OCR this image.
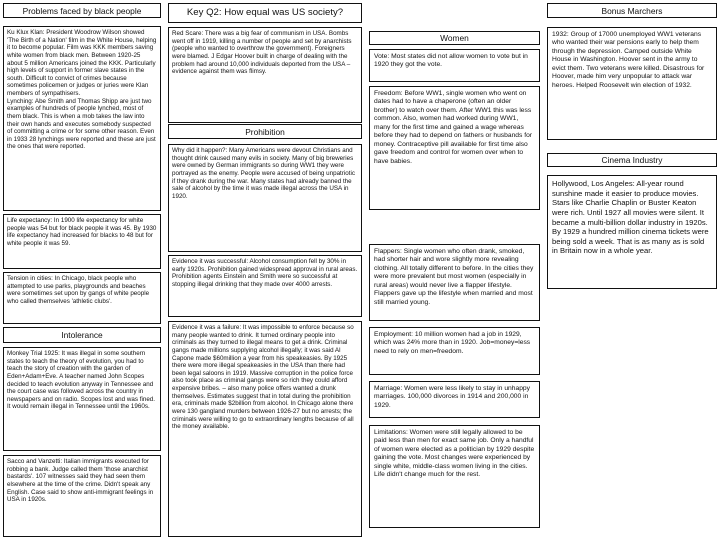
Problems faced by black people
Ku Klux Klan: President Woodrow Wilson showed 'The Birth of a Nation' film in the White House, helping it to become popular. Film was KKK members saving white women from black men. Between 1920-25 about 5 million Americans joined the KKK. Particularly high levels of support in former slave states in the south. Difficult to convict of crimes because sometimes policemen or judges or juries were Klan members of sympathisers.
Lynching: Abe Smith and Thomas Shipp are just two examples of hundreds of people lynched, most of them black. This is when a mob takes the law into their own hands and executes somebody suspected of committing a crime or for some other reason. Even in 1933 28 lynchings were reported and these are just the ones that were reported.
Life expectancy: In 1900 life expectancy for white people was 54 but for black people it was 45. By 1930 life expectancy had increased for blacks to 48 but for white people it was 59.
Tension in cities: In Chicago, black people who attempted to use parks, playgrounds and beaches were sometimes set upon by gangs of white people who called themselves 'athletic clubs'.
Intolerance
Monkey Trial 1925: It was illegal in some southern states to teach the theory of evolution, you had to teach the story of creation with the garden of Eden+Adam+Eve. A teacher named John Scopes decided to teach evolution anyway in Tennessee and the court case was followed across the country in newspapers and on radio. Scopes lost and was fined. It would remain illegal in Tennessee until the 1960s.
Sacco and Vanzetti: Italian immigrants executed for robbing a bank. Judge called them 'those anarchist bastards'. 107 witnesses said they had seen them elsewhere at the time of the crime. Didn't speak any English. Case said to show anti-immigrant feelings in USA in 1920s.
Key Q2: How equal was US society?
Red Scare: There was a big fear of communism in USA. Bombs went off in 1919, killing a number of people and set by anarchists (people who wanted to overthrow the government). Foreigners were blamed. J Edgar Hoover built in charge of dealing with the problem had around 10,000 individuals deported from the USA – evidence against them was flimsy.
Prohibition
Why did it happen?: Many Americans were devout Christians and thought drink caused many evils in society. Many of big breweries were owned by German immigrants so during WW1 they were portrayed as the enemy. People were accused of being unpatriotic if they drank during the war. Many states had already banned the sale of alcohol by the time it was made illegal across the USA in 1920.
Evidence it was successful: Alcohol consumption fell by 30% in early 1920s. Prohibition gained widespread approval in rural areas. Prohibition agents Einstein and Smith were so successful at stopping illegal drinking that they made over 4000 arrests.
Evidence it was a failure: It was impossible to enforce because so many people wanted to drink. It turned ordinary people into criminals as they turned to illegal means to get a drink. Criminal gangs made millions supplying alcohol illegally; it was said Al Capone made $60million a year from his speakeasies. By 1925 there were more illegal speakeasies in the USA than there had been legal saloons in 1919. Massive corruption in the police force also took place as criminal gangs were so rich they could afford expensive bribes. – also many police offers wanted a drunk themselves. Estimates suggest that in total during the prohibition era, criminals made $2billion from alcohol. In Chicago alone there were 130 gangland murders between 1926-27 but no arrests; the criminals were willing to go to extraordinary lengths because of all the money available.
Women
Vote: Most states did not allow women to vote but in 1920 they got the vote.
Freedom: Before WW1, single women who went on dates had to have a chaperone (often an older brother) to watch over them. After WW1 this was less common. Also, women had worked during WW1, many for the first time and gained a wage whereas before they had to depend on fathers or husbands for money. Contraceptive pill available for first time also gave freedom and control for women over when to have babies.
Flappers: Single women who often drank, smoked, had shorter hair and wore slightly more revealing clothing. All totally different to before. In the cities they were more prevalent but most women (especially in rural areas) would never live a flapper lifestyle. Flappers gave up the lifestyle when married and most still married young.
Employment: 10 million women had a job in 1929, which was 24% more than in 1920. Job=money=less need to rely on men=freedom.
Marriage: Women were less likely to stay in unhappy marriages. 100,000 divorces in 1914 and 200,000 in 1929.
Limitations: Women were still legally allowed to be paid less than men for exact same job. Only a handful of women were elected as a politician by 1929 despite gaining the vote. Most changes were experienced by single white, middle-class women living in the cities. Life didn't change much for the rest.
Bonus Marchers
1932: Group of 17000 unemployed WW1 veterans who wanted their war pensions early to help them through the depression. Camped outside White House in Washington. Hoover sent in the army to evict them. Two veterans were killed. Disastrous for Hoover, made him very unpopular to attack war heroes. Helped Roosevelt win election of 1932.
Cinema Industry
Hollywood, Los Angeles: All-year round sunshine made it easier to produce movies. Stars like Charlie Chaplin or Buster Keaton were rich. Until 1927 all movies were silent. It became a multi-billion dollar industry in 1920s. By 1929 a hundred million cinema tickets were being sold a week. That is as many as is sold in Britain now in a whole year.
